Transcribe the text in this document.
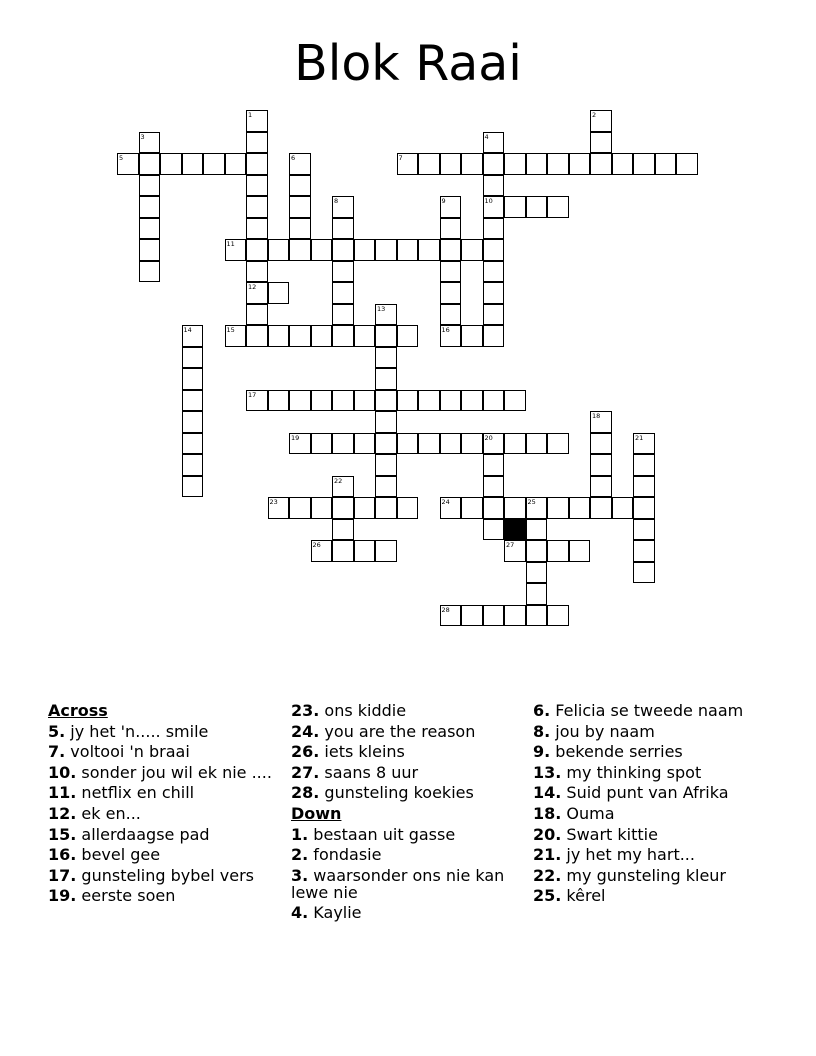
Blok Raai
1	2
3	4
5	6	7
8	9	10
11
12
13
14	15	16
17
18
19	20	21
22
23	24	25
26	27
28
Across
5. jy het 'n..... smile
7. voltooi 'n braai
10. sonder jou wil ek nie ....
11. netflix en chill
12. ek en...
15. allerdaagse pad
16. bevel gee
17. gunsteling bybel vers
19. eerste soen
23. ons kiddie
24. you are the reason
26. iets kleins
27. saans 8 uur
28. gunsteling koekies
Down
1. bestaan uit gasse
2. fondasie
3. waarsonder ons nie kan lewe nie
4. Kaylie
6. Felicia se tweede naam
8. jou by naam
9. bekende serries
13. my thinking spot
14. Suid punt van Afrika
18. Ouma
20. Swart kittie
21. jy het my hart...
22. my gunsteling kleur
25. kêrel
